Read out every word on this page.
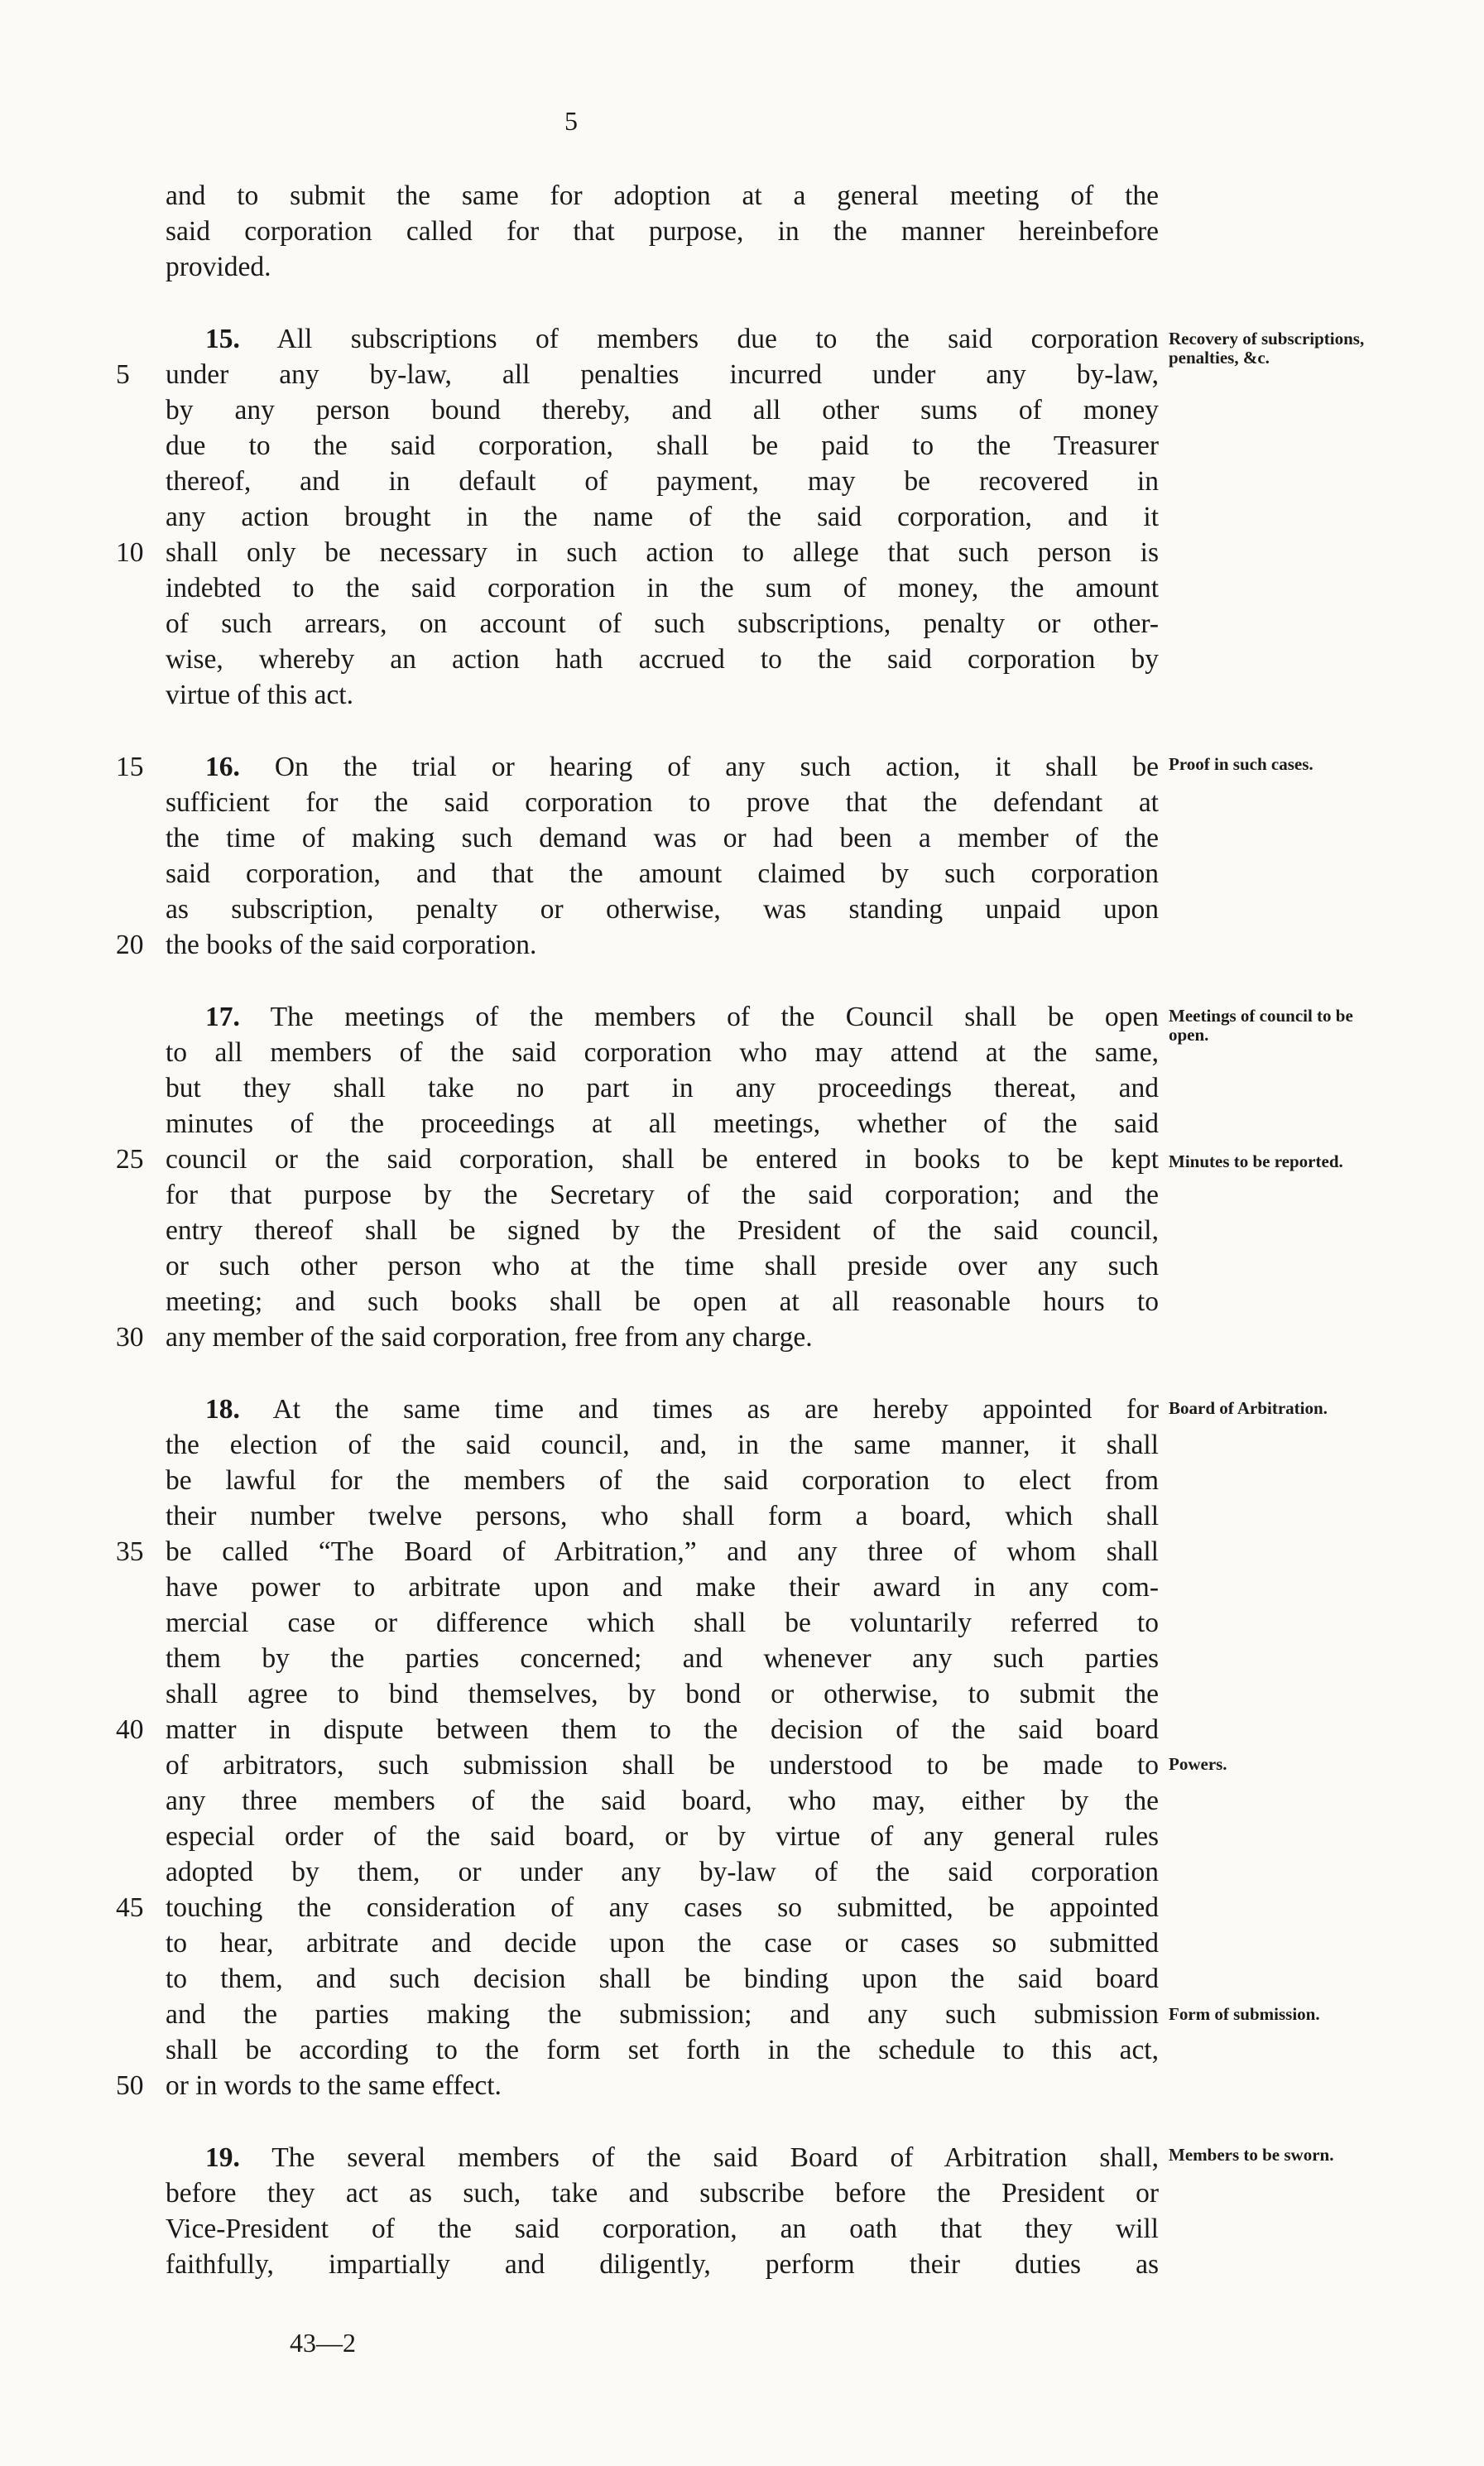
5
and to submit the same for adoption at a general meeting of the
said corporation called for that purpose, in the manner hereinbefore
provided.
15. All subscriptions of members due to the said corporation
under any by-law, all penalties incurred under any by-law,
5
by any person bound thereby, and all other sums of money
due to the said corporation, shall be paid to the Treasurer
thereof, and in default of payment, may be recovered in
any action brought in the name of the said corporation, and it
shall only be necessary in such action to allege that such person is
10
indebted to the said corporation in the sum of money, the amount
of such arrears, on account of such subscriptions, penalty or other-
wise, whereby an action hath accrued to the said corporation by
virtue of this act.
16. On the trial or hearing of any such action, it shall be
15
sufficient for the said corporation to prove that the defendant at
the time of making such demand was or had been a member of the
said corporation, and that the amount claimed by such corporation
as subscription, penalty or otherwise, was standing unpaid upon
the books of the said corporation.
20
17. The meetings of the members of the Council shall be open
to all members of the said corporation who may attend at the same,
but they shall take no part in any proceedings thereat, and
minutes of the proceedings at all meetings, whether of the said
council or the said corporation, shall be entered in books to be kept
25
for that purpose by the Secretary of the said corporation; and the
entry thereof shall be signed by the President of the said council,
or such other person who at the time shall preside over any such
meeting; and such books shall be open at all reasonable hours to
any member of the said corporation, free from any charge.
30
18. At the same time and times as are hereby appointed for
the election of the said council, and, in the same manner, it shall
be lawful for the members of the said corporation to elect from
their number twelve persons, who shall form a board, which shall
be called “The Board of Arbitration,” and any three of whom shall
35
have power to arbitrate upon and make their award in any com-
mercial case or difference which shall be voluntarily referred to
them by the parties concerned; and whenever any such parties
shall agree to bind themselves, by bond or otherwise, to submit the
matter in dispute between them to the decision of the said board
40
of arbitrators, such submission shall be understood to be made to
any three members of the said board, who may, either by the
especial order of the said board, or by virtue of any general rules
adopted by them, or under any by-law of the said corporation
touching the consideration of any cases so submitted, be appointed
45
to hear, arbitrate and decide upon the case or cases so submitted
to them, and such decision shall be binding upon the said board
and the parties making the submission; and any such submission
shall be according to the form set forth in the schedule to this act,
or in words to the same effect.
50
19. The several members of the said Board of Arbitration shall,
before they act as such, take and subscribe before the President or
Vice-President of the said corporation, an oath that they will
faithfully, impartially and diligently, perform their duties as
Recovery of subscriptions, penalties, &c.
Proof in such cases.
Meetings of council to be open.
Minutes to be reported.
Board of Arbitration.
Powers.
Form of submission.
Members to be sworn.
43—2
